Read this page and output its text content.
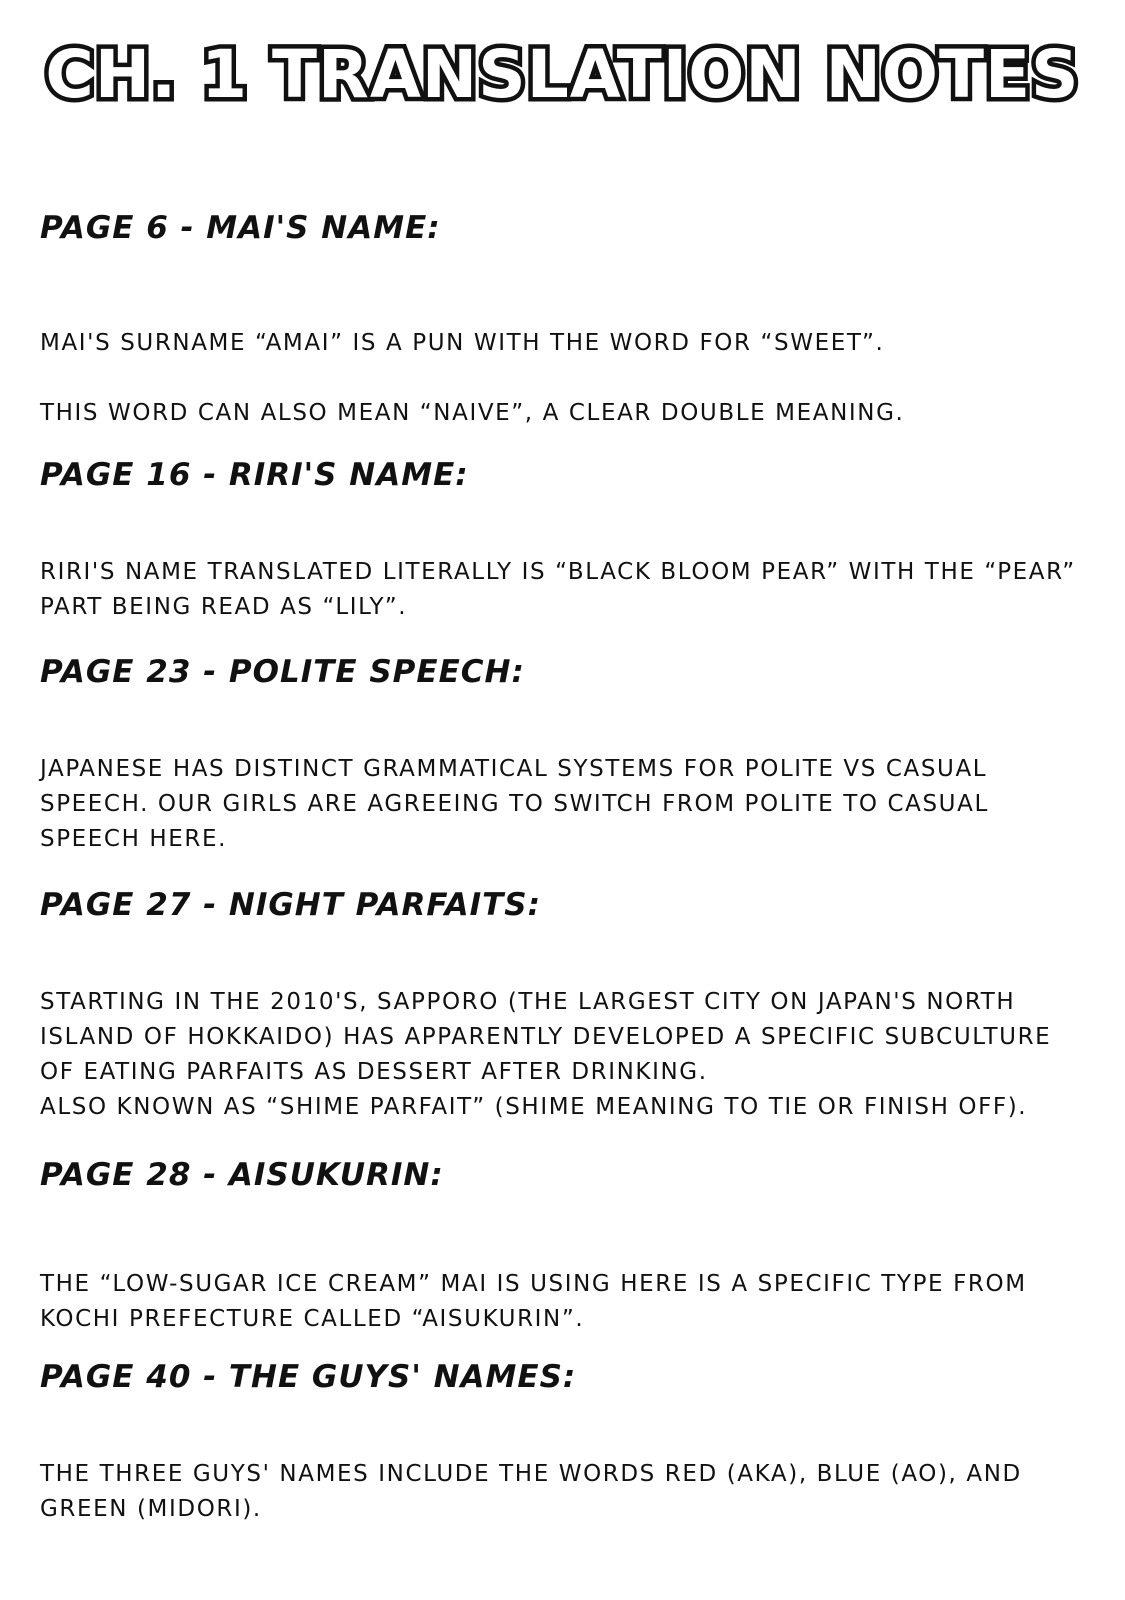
CH. 1 TRANSLATION NOTES
PAGE 6 - MAI'S NAME:

MAI'S SURNAME “AMAI” IS A PUN WITH THE WORD FOR “SWEET”.

THIS WORD CAN ALSO MEAN “NAIVE”, A CLEAR DOUBLE MEANING.

PAGE 16 - RIRI'S NAME:

RIRI'S NAME TRANSLATED LITERALLY IS “BLACK BLOOM PEAR” WITH THE “PEAR”

PART BEING READ AS “LILY”.

PAGE 23 - POLITE SPEECH:

JAPANESE HAS DISTINCT GRAMMATICAL SYSTEMS FOR POLITE VS CASUAL

SPEECH. OUR GIRLS ARE AGREEING TO SWITCH FROM POLITE TO CASUAL

SPEECH HERE.

PAGE 27 - NIGHT PARFAITS:

STARTING IN THE 2010'S, SAPPORO (THE LARGEST CITY ON JAPAN'S NORTH

ISLAND OF HOKKAIDO) HAS APPARENTLY DEVELOPED A SPECIFIC SUBCULTURE

OF EATING PARFAITS AS DESSERT AFTER DRINKING.

ALSO KNOWN AS “SHIME PARFAIT” (SHIME MEANING TO TIE OR FINISH OFF).

PAGE 28 - AISUKURIN:

THE “LOW-SUGAR ICE CREAM” MAI IS USING HERE IS A SPECIFIC TYPE FROM

KOCHI PREFECTURE CALLED “AISUKURIN”.

PAGE 40 - THE GUYS' NAMES:

THE THREE GUYS' NAMES INCLUDE THE WORDS RED (AKA), BLUE (AO), AND

GREEN (MIDORI).
